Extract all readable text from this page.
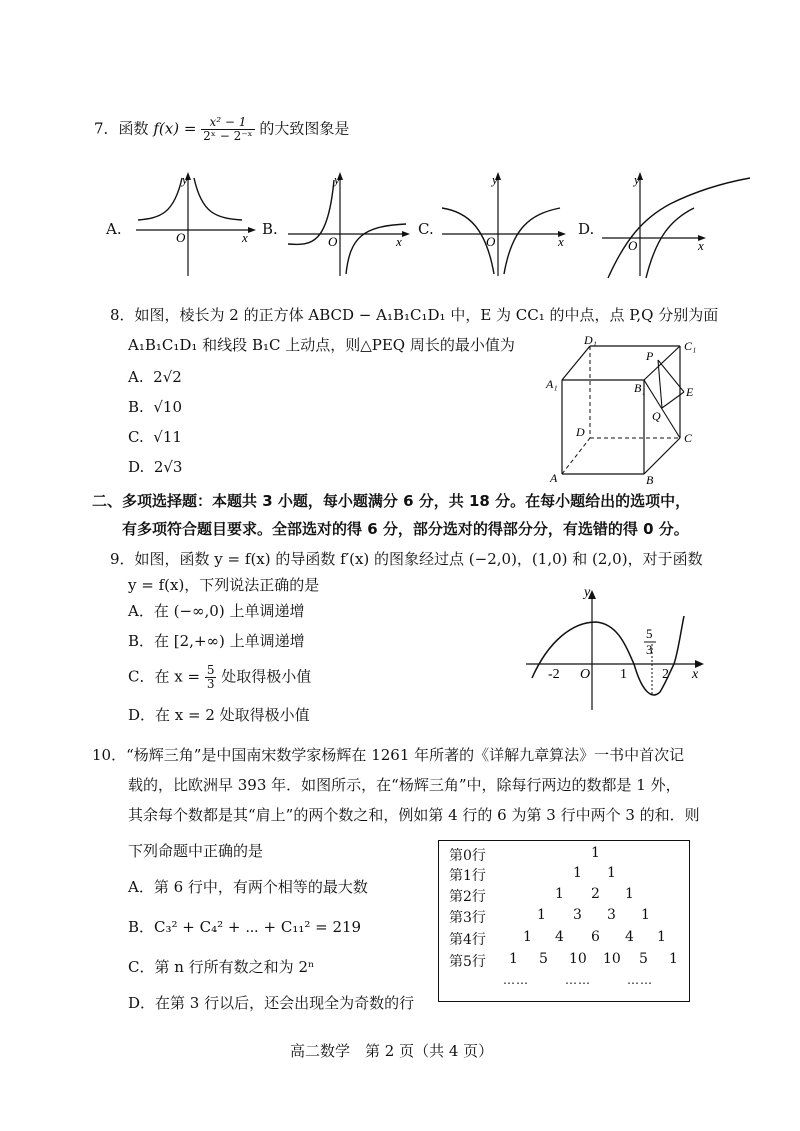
7．函数 $f(x) = \frac{\text{x² − 1}}{\text{2ˣ − 2⁻ˣ}}$ 的大致图象是
A.
y
x
O	B.
y
x
O
C.
y
x
O
D.
y
x
O
8．如图，棱长为 2 的正方体 ABCD − A₁B₁C₁D₁ 中，E 为 CC₁ 的中点，点 P,Q 分别为面
A₁B₁C₁D₁ 和线段 B₁C 上动点，则△PEQ 周长的最小值为
A. 2√2
B. √10
C. √11
D. 2√3
D₁	C₁
A₁	B₁
P
E
Q
D	C
A	B
二、多项选择题：本题共 3 小题，每小题满分 6 分，共 18 分。在每小题给出的选项中，
有多项符合题目要求。全部选对的得 6 分，部分选对的得部分分，有选错的得 0 分。
9．如图，函数 y = f(x) 的导函数 f′(x) 的图象经过点 (−2,0)，(1,0) 和 (2,0)，对于函数
y = f(x)，下列说法正确的是
A．在 (−∞,0) 上单调递增
B．在 [2,+∞) 上单调递增
C．在 $x = \frac{5}{3}$ 处取得极小值
D．在 x = 2 处取得极小值
y
x
O
-2	1	2
5
3
10．“杨辉三角”是中国南宋数学家杨辉在 1261 年所著的《详解九章算法》一书中首次记
载的，比欧洲早 393 年．如图所示，在“杨辉三角”中，除每行两边的数都是 1 外，
其余每个数都是其“肩上”的两个数之和，例如第 4 行的 6 为第 3 行中两个 3 的和．则
下列命题中正确的是
A．第 6 行中，有两个相等的最大数
B．C₃² + C₄² + ⋯ + C₁₁² = 219
C．第 n 行所有数之和为 2ⁿ
D．在第 3 行以后，还会出现全为奇数的行
第0行	1
第1行	1 1
第2行	1 2 1
第3行	1 3 3 1
第4行	1 4 6 4 1
第5行 1 5 10 10 5 1
……	……	……
高二数学　第 2 页（共 4 页）
